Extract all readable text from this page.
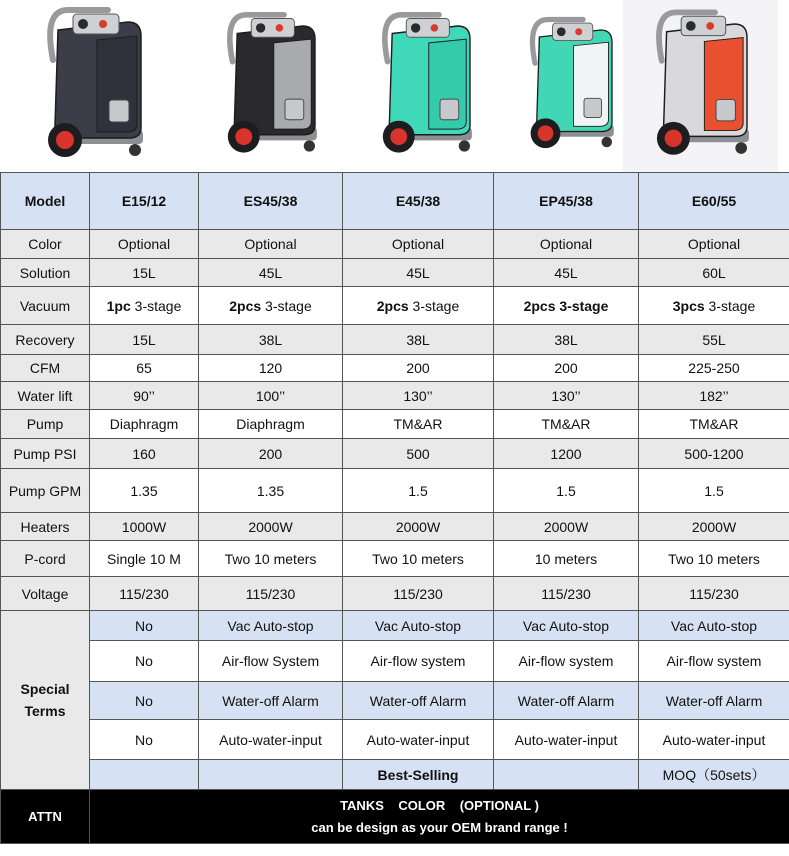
Model	E15/12	ES45/38	E45/38	EP45/38	E60/55
Color	Optional	Optional	Optional	Optional	Optional
Solution	15L	45L	45L	45L	60L
Vacuum	1pc 3-stage	2pcs 3-stage	2pcs 3-stage	2pcs 3-stage	3pcs 3-stage
Recovery	15L	38L	38L	38L	55L
CFM	65	120	200	200	225-250
Water lift	90’’	100’’	130’’	130’’	182’’
Pump	Diaphragm	Diaphragm	TM&AR	TM&AR	TM&AR
Pump PSI	160	200	500	1200	500-1200
Pump GPM	1.35	1.35	1.5	1.5	1.5
Heaters	1000W	2000W	2000W	2000W	2000W
P-cord	Single 10 M	Two 10 meters	Two 10 meters	10 meters	Two 10 meters
Voltage	115/230	115/230	115/230	115/230	115/230
Special Terms	No	Vac Auto-stop	Vac Auto-stop	Vac Auto-stop	Vac Auto-stop
	No	Air-flow System	Air-flow system	Air-flow system	Air-flow system
	No	Water-off Alarm	Water-off Alarm	Water-off Alarm	Water-off Alarm
	No	Auto-water-input	Auto-water-input	Auto-water-input	Auto-water-input
			Best-Selling		MOQ（50sets）
ATTN	TANKS    COLOR    (OPTIONAL )
can be design as your OEM brand range !				
